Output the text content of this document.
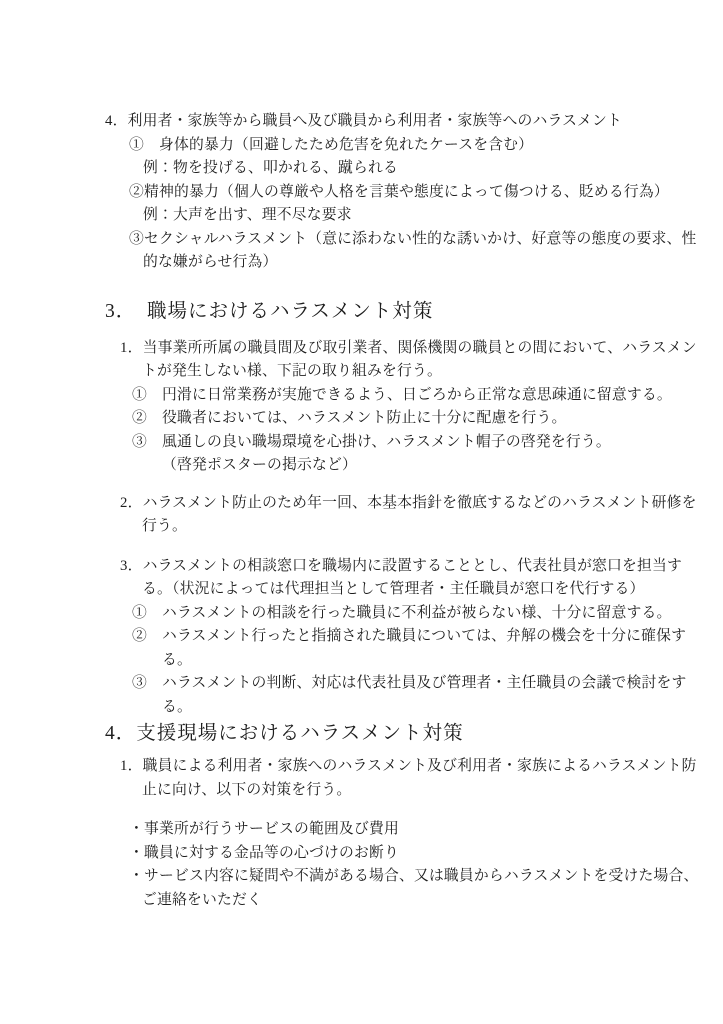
4．利用者・家族等から職員へ及び職員から利用者・家族等へのハラスメント
①　身体的暴力（回避したため危害を免れたケースを含む）
例：物を投げる、叩かれる、蹴られる
②精神的暴力（個人の尊厳や人格を言葉や態度によって傷つける、貶める行為）
例：大声を出す、理不尽な要求
③セクシャルハラスメント（意に添わない性的な誘いかけ、好意等の態度の要求、性
的な嫌がらせ行為）
3．　職場におけるハラスメント対策
1．当事業所所属の職員間及び取引業者、関係機関の職員との間において、ハラスメン
トが発生しない様、下記の取り組みを行う。
①　円滑に日常業務が実施できるよう、日ごろから正常な意思疎通に留意する。
②　役職者においては、ハラスメント防止に十分に配慮を行う。
③　風通しの良い職場環境を心掛け、ハラスメント帽子の啓発を行う。
（啓発ポスターの掲示など）
2．ハラスメント防止のため年一回、本基本指針を徹底するなどのハラスメント研修を
行う。
3．ハラスメントの相談窓口を職場内に設置することとし、代表社員が窓口を担当す
る。（状況によっては代理担当として管理者・主任職員が窓口を代行する）
①　ハラスメントの相談を行った職員に不利益が被らない様、十分に留意する。
②　ハラスメント行ったと指摘された職員については、弁解の機会を十分に確保す
る。
③　ハラスメントの判断、対応は代表社員及び管理者・主任職員の会議で検討をす
る。
4．支援現場におけるハラスメント対策
1．職員による利用者・家族へのハラスメント及び利用者・家族によるハラスメント防
止に向け、以下の対策を行う。
・事業所が行うサービスの範囲及び費用
・職員に対する金品等の心づけのお断り
・サービス内容に疑問や不満がある場合、又は職員からハラスメントを受けた場合、
ご連絡をいただく
